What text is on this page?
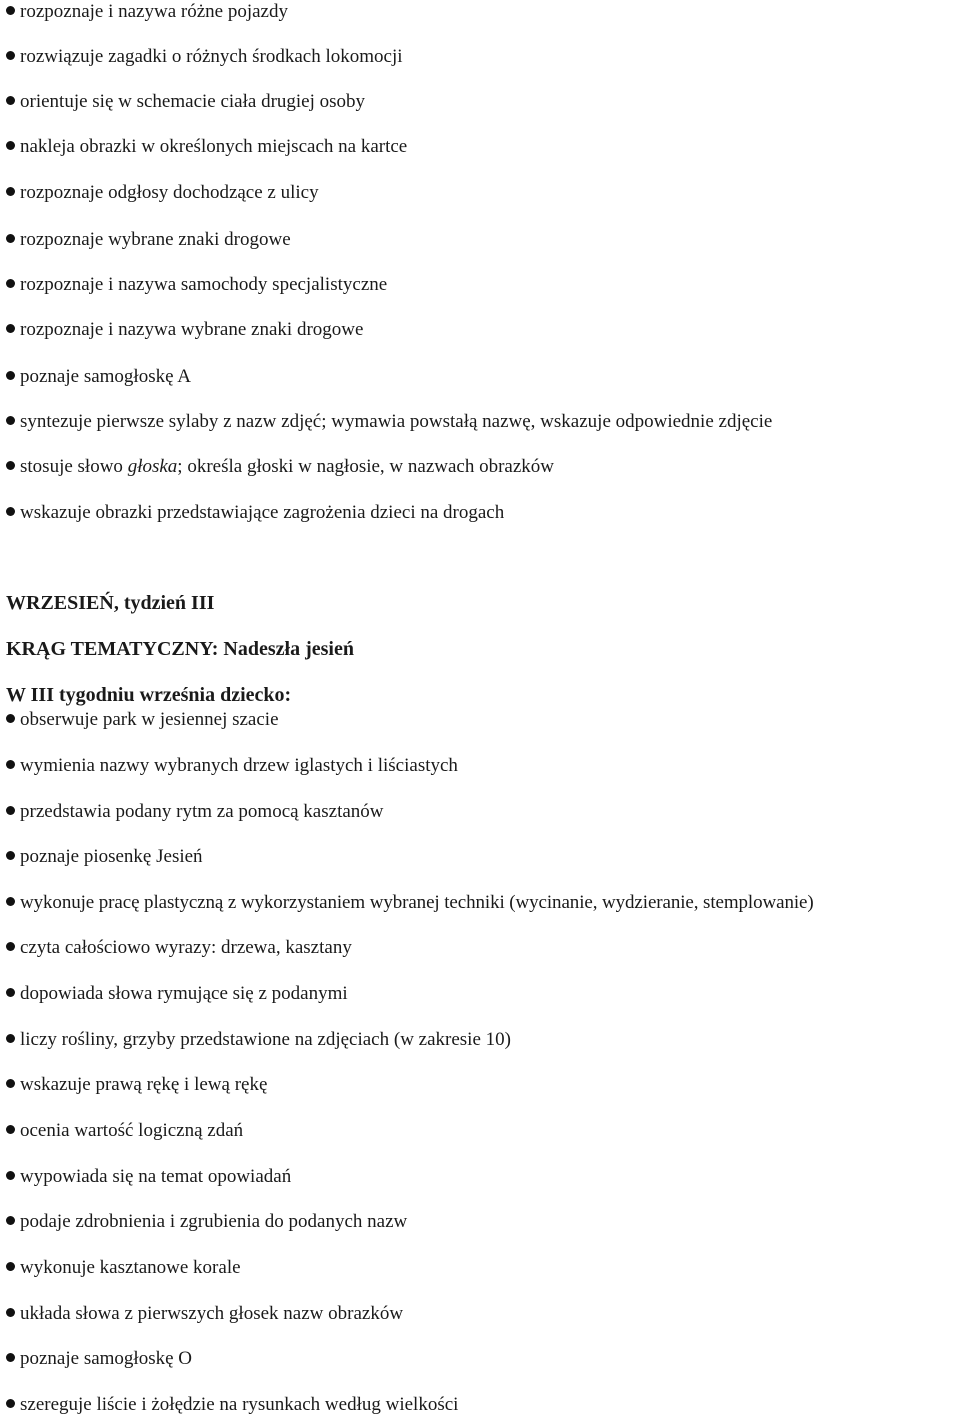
rozpoznaje i nazywa różne pojazdy
rozwiązuje zagadki o różnych środkach lokomocji
orientuje się w schemacie ciała drugiej osoby
nakleja obrazki w określonych miejscach na kartce
rozpoznaje odgłosy dochodzące z ulicy
rozpoznaje wybrane znaki drogowe
rozpoznaje i nazywa samochody specjalistyczne
rozpoznaje i nazywa wybrane znaki drogowe
poznaje samogłoskę A
syntezuje pierwsze sylaby z nazw zdjęć; wymawia powstałą nazwę, wskazuje odpowiednie zdjęcie
stosuje słowo głoska; określa głoski w nagłosie, w nazwach obrazków
wskazuje obrazki przedstawiające zagrożenia dzieci na drogach
WRZESIEŃ, tydzień III
KRĄG TEMATYCZNY: Nadeszła jesień
W III tygodniu września dziecko:
obserwuje park w jesiennej szacie
wymienia nazwy wybranych drzew iglastych i liściastych
przedstawia podany rytm za pomocą kasztanów
poznaje piosenkę Jesień
wykonuje pracę plastyczną z wykorzystaniem wybranej techniki (wycinanie, wydzieranie, stemplowanie)
czyta całościowo wyrazy: drzewa, kasztany
dopowiada słowa rymujące się z podanymi
liczy rośliny, grzyby przedstawione na zdjęciach (w zakresie 10)
wskazuje prawą rękę i lewą rękę
ocenia wartość logiczną zdań
wypowiada się na temat opowiadań
podaje zdrobnienia i zgrubienia do podanych nazw
wykonuje kasztanowe korale
układa słowa z pierwszych głosek nazw obrazków
poznaje samogłoskę O
szereguje liście i żołędzie na rysunkach według wielkości
